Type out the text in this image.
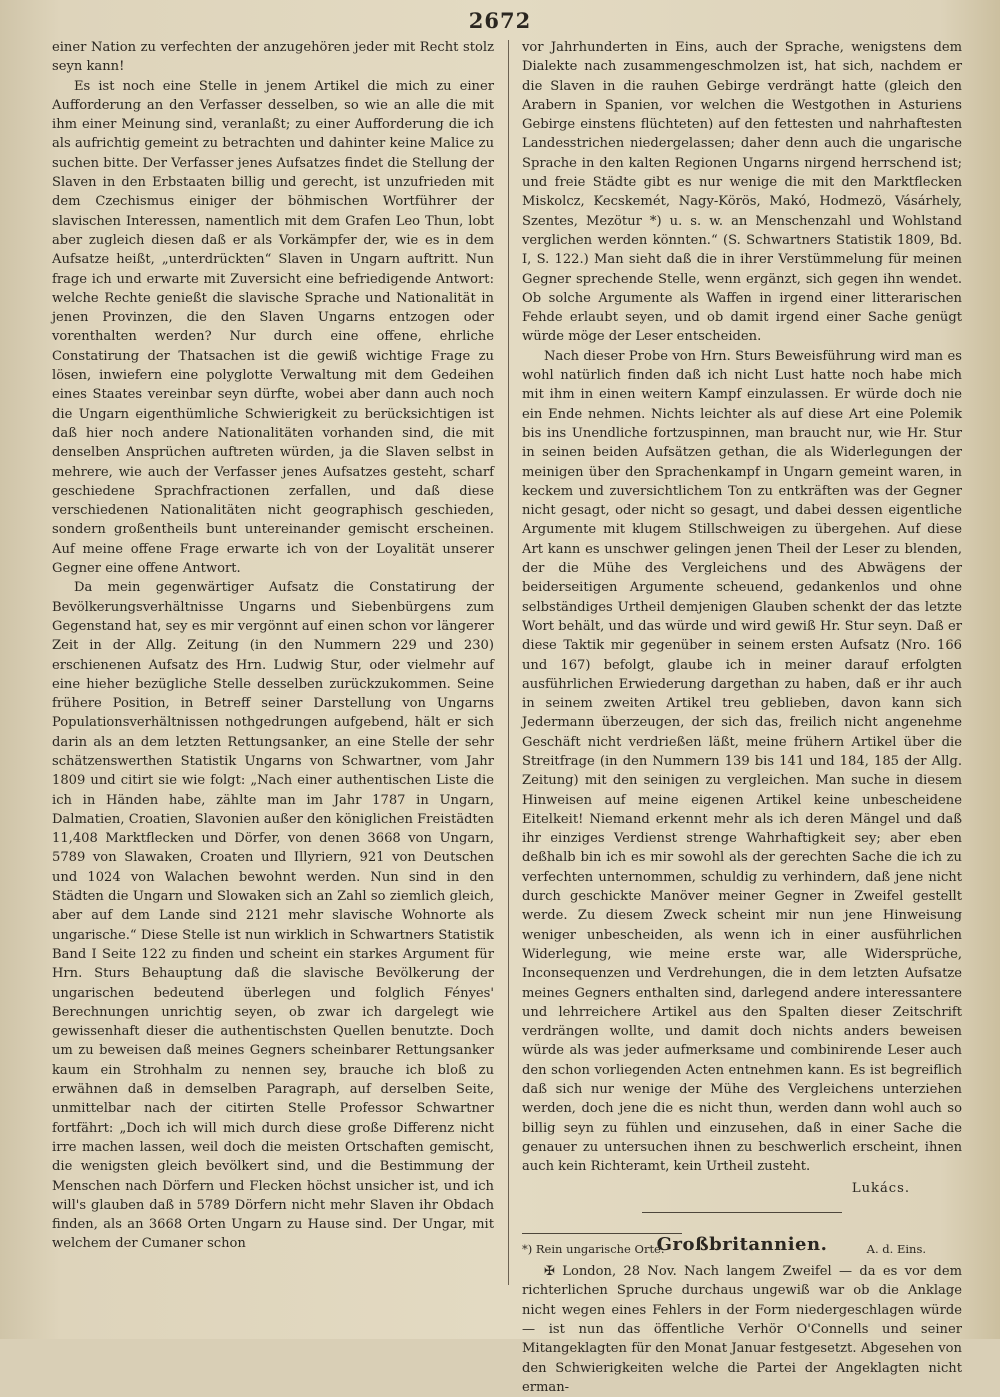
2672

einer Nation zu verfechten der anzugehören jeder mit Recht stolz seyn kann!

Es ist noch eine Stelle in jenem Artikel die mich zu einer Aufforderung an den Verfasser desselben, so wie an alle die mit ihm einer Meinung sind, veranlaßt; zu einer Aufforderung die ich als aufrichtig gemeint zu betrachten und dahinter keine Malice zu suchen bitte. Der Verfasser jenes Aufsatzes findet die Stellung der Slaven in den Erbstaaten billig und gerecht, ist unzufrieden mit dem Czechismus einiger der böhmischen Wortführer der slavischen Interessen, namentlich mit dem Grafen Leo Thun, lobt aber zugleich diesen daß er als Vorkämpfer der, wie es in dem Aufsatze heißt, „unterdrückten“ Slaven in Ungarn auftritt. Nun frage ich und erwarte mit Zuversicht eine befriedigende Antwort: welche Rechte genießt die slavische Sprache und Nationalität in jenen Provinzen, die den Slaven Ungarns entzogen oder vorenthalten werden? Nur durch eine offene, ehrliche Constatirung der Thatsachen ist die gewiß wichtige Frage zu lösen, inwiefern eine polyglotte Verwaltung mit dem Gedeihen eines Staates vereinbar seyn dürfte, wobei aber dann auch noch die Ungarn eigenthümliche Schwierigkeit zu berücksichtigen ist daß hier noch andere Nationalitäten vorhanden sind, die mit denselben Ansprüchen auftreten würden, ja die Slaven selbst in mehrere, wie auch der Verfasser jenes Aufsatzes gesteht, scharf geschiedene Sprachfractionen zerfallen, und daß diese verschiedenen Nationalitäten nicht geographisch geschieden, sondern großentheils bunt untereinander gemischt erscheinen. Auf meine offene Frage erwarte ich von der Loyalität unserer Gegner eine offene Antwort.

Da mein gegenwärtiger Aufsatz die Constatirung der Bevölkerungsverhältnisse Ungarns und Siebenbürgens zum Gegenstand hat, sey es mir vergönnt auf einen schon vor längerer Zeit in der Allg. Zeitung (in den Nummern 229 und 230) erschienenen Aufsatz des Hrn. Ludwig Stur, oder vielmehr auf eine hieher bezügliche Stelle desselben zurückzukommen. Seine frühere Position, in Betreff seiner Darstellung von Ungarns Populationsverhältnissen nothgedrungen aufgebend, hält er sich darin als an dem letzten Rettungsanker, an eine Stelle der sehr schätzenswerthen Statistik Ungarns von Schwartner, vom Jahr 1809 und citirt sie wie folgt: „Nach einer authentischen Liste die ich in Händen habe, zählte man im Jahr 1787 in Ungarn, Dalmatien, Croatien, Slavonien außer den königlichen Freistädten 11,408 Marktflecken und Dörfer, von denen 3668 von Ungarn, 5789 von Slawaken, Croaten und Illyriern, 921 von Deutschen und 1024 von Walachen bewohnt werden. Nun sind in den Städten die Ungarn und Slowaken sich an Zahl so ziemlich gleich, aber auf dem Lande sind 2121 mehr slavische Wohnorte als ungarische.“ Diese Stelle ist nun wirklich in Schwartners Statistik Band I Seite 122 zu finden und scheint ein starkes Argument für Hrn. Sturs Behauptung daß die slavische Bevölkerung der ungarischen bedeutend überlegen und folglich Fényes' Berechnungen unrichtig seyen, ob zwar ich dargelegt wie gewissenhaft dieser die authentischsten Quellen benutzte. Doch um zu beweisen daß meines Gegners scheinbarer Rettungsanker kaum ein Strohhalm zu nennen sey, brauche ich bloß zu erwähnen daß in demselben Paragraph, auf derselben Seite, unmittelbar nach der citirten Stelle Professor Schwartner fortfährt: „Doch ich will mich durch diese große Differenz nicht irre machen lassen, weil doch die meisten Ortschaften gemischt, die wenigsten gleich bevölkert sind, und die Bestimmung der Menschen nach Dörfern und Flecken höchst unsicher ist, und ich will's glauben daß in 5789 Dörfern nicht mehr Slaven ihr Obdach finden, als an 3668 Orten Ungarn zu Hause sind. Der Ungar, mit welchem der Cumaner schon

vor Jahrhunderten in Eins, auch der Sprache, wenigstens dem Dialekte nach zusammengeschmolzen ist, hat sich, nachdem er die Slaven in die rauhen Gebirge verdrängt hatte (gleich den Arabern in Spanien, vor welchen die Westgothen in Asturiens Gebirge einstens flüchteten) auf den fettesten und nahrhaftesten Landesstrichen niedergelassen; daher denn auch die ungarische Sprache in den kalten Regionen Ungarns nirgend herrschend ist; und freie Städte gibt es nur wenige die mit den Marktflecken Miskolcz, Kecskemét, Nagy-Körös, Makó, Hodmezö, Vásárhely, Szentes, Mezötur *) u. s. w. an Menschenzahl und Wohlstand verglichen werden könnten.“ (S. Schwartners Statistik 1809, Bd. I, S. 122.) Man sieht daß die in ihrer Verstümmelung für meinen Gegner sprechende Stelle, wenn ergänzt, sich gegen ihn wendet. Ob solche Argumente als Waffen in irgend einer litterarischen Fehde erlaubt seyen, und ob damit irgend einer Sache genügt würde möge der Leser entscheiden.

Nach dieser Probe von Hrn. Sturs Beweisführung wird man es wohl natürlich finden daß ich nicht Lust hatte noch habe mich mit ihm in einen weitern Kampf einzulassen. Er würde doch nie ein Ende nehmen. Nichts leichter als auf diese Art eine Polemik bis ins Unendliche fortzuspinnen, man braucht nur, wie Hr. Stur in seinen beiden Aufsätzen gethan, die als Widerlegungen der meinigen über den Sprachenkampf in Ungarn gemeint waren, in keckem und zuversichtlichem Ton zu entkräften was der Gegner nicht gesagt, oder nicht so gesagt, und dabei dessen eigentliche Argumente mit klugem Stillschweigen zu übergehen. Auf diese Art kann es unschwer gelingen jenen Theil der Leser zu blenden, der die Mühe des Vergleichens und des Abwägens der beiderseitigen Argumente scheuend, gedankenlos und ohne selbständiges Urtheil demjenigen Glauben schenkt der das letzte Wort behält, und das würde und wird gewiß Hr. Stur seyn. Daß er diese Taktik mir gegenüber in seinem ersten Aufsatz (Nro. 166 und 167) befolgt, glaube ich in meiner darauf erfolgten ausführlichen Erwiederung dargethan zu haben, daß er ihr auch in seinem zweiten Artikel treu geblieben, davon kann sich Jedermann überzeugen, der sich das, freilich nicht angenehme Geschäft nicht verdrießen läßt, meine frühern Artikel über die Streitfrage (in den Nummern 139 bis 141 und 184, 185 der Allg. Zeitung) mit den seinigen zu vergleichen. Man suche in diesem Hinweisen auf meine eigenen Artikel keine unbescheidene Eitelkeit! Niemand erkennt mehr als ich deren Mängel und daß ihr einziges Verdienst strenge Wahrhaftigkeit sey; aber eben deßhalb bin ich es mir sowohl als der gerechten Sache die ich zu verfechten unternommen, schuldig zu verhindern, daß jene nicht durch geschickte Manöver meiner Gegner in Zweifel gestellt werde. Zu diesem Zweck scheint mir nun jene Hinweisung weniger unbescheiden, als wenn ich in einer ausführlichen Widerlegung, wie meine erste war, alle Widersprüche, Inconsequenzen und Verdrehungen, die in dem letzten Aufsatze meines Gegners enthalten sind, darlegend andere interessantere und lehrreichere Artikel aus den Spalten dieser Zeitschrift verdrängen wollte, und damit doch nichts anders beweisen würde als was jeder aufmerksame und combinirende Leser auch den schon vorliegenden Acten entnehmen kann. Es ist begreiflich daß sich nur wenige der Mühe des Vergleichens unterziehen werden, doch jene die es nicht thun, werden dann wohl auch so billig seyn zu fühlen und einzusehen, daß in einer Sache die genauer zu untersuchen ihnen zu beschwerlich erscheint, ihnen auch kein Richteramt, kein Urtheil zusteht.

Lukács.
Großbritannien.

✠ London, 28 Nov. Nach langem Zweifel — da es vor dem richterlichen Spruche durchaus ungewiß war ob die Anklage nicht wegen eines Fehlers in der Form niedergeschlagen würde — ist nun das öffentliche Verhör O'Connells und seiner Mitangeklagten für den Monat Januar festgesetzt. Abgesehen von den Schwierigkeiten welche die Partei der Angeklagten nicht erman-

*) Rein ungarische Orte.	A. d. Eins.
